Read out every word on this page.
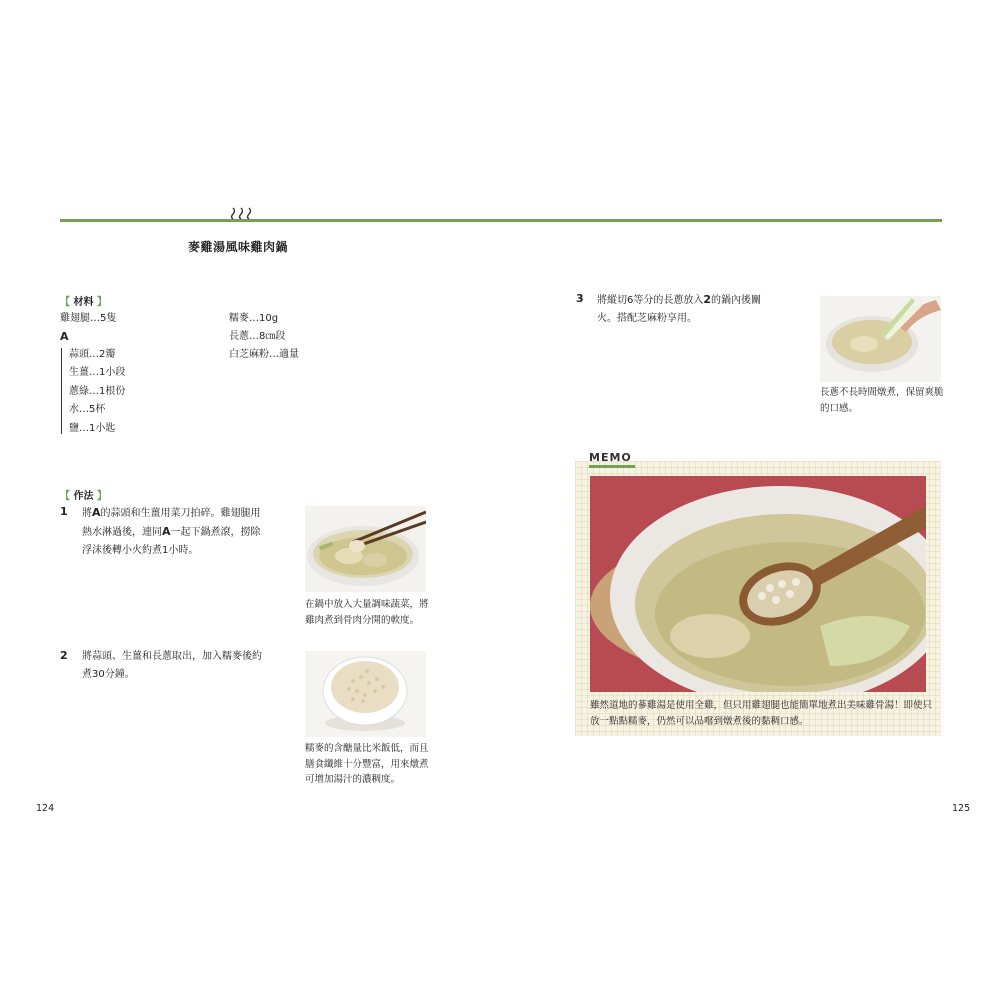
麥雞湯風味雞肉鍋
【 材料 】
雞翅腿…5隻
A
蒜頭…2瓣
生薑…1小段
蔥綠…1根份
水…5杯
鹽…1小匙
糯麥…10g
長蔥…8㎝段
白芝麻粉…適量
【 作法 】
1 將A的蒜頭和生薑用菜刀拍碎。雞翅腿用
熱水淋過後，連同A一起下鍋煮滾，撈除
浮沫後轉小火約煮1小時。
2 將蒜頭、生薑和長蔥取出，加入糯麥後約
煮30分鐘。
3 將縱切6等分的長蔥放入2的鍋內後關
火。搭配芝麻粉享用。
在鍋中放入大量調味蔬菜，將
雞肉煮到骨肉分開的軟度。
糯麥的含醣量比米飯低，而且
膳食纖維十分豐富，用來燉煮
可增加湯汁的濃稠度。
長蔥不長時間燉煮，保留爽脆
的口感。
MEMO
雖然道地的蔘雞湯是使用全雞，但只用雞翅腿也能簡單地煮出美味雞骨湯！即使只
放一點點糯麥，仍然可以品嚐到燉煮後的黏稠口感。
124	125
